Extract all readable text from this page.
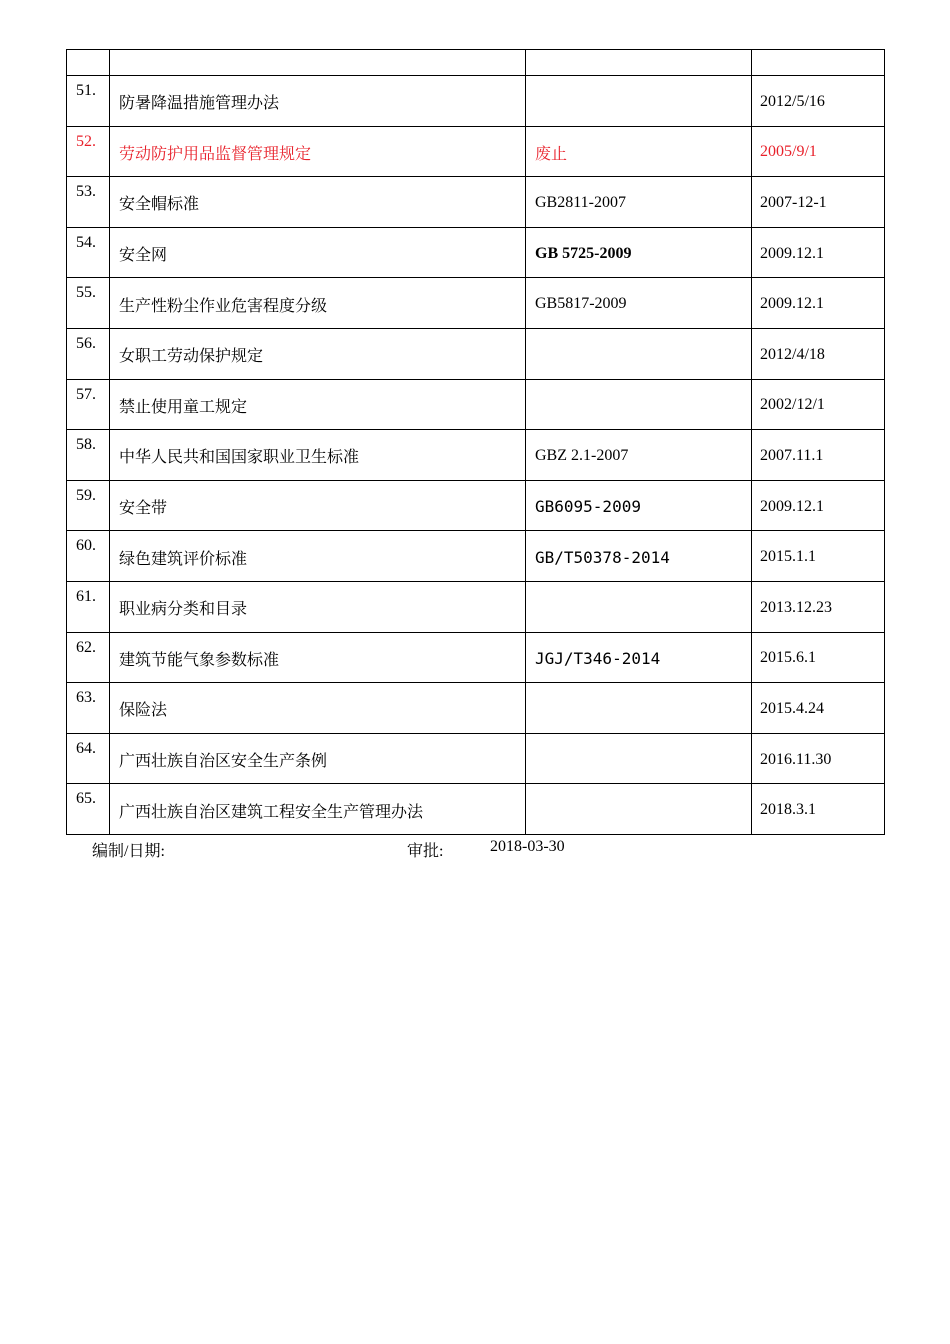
51.	防暑降温措施管理办法		2012/5/16
52.	劳动防护用品监督管理规定	废止	2005/9/1
53.	安全帽标准	GB2811-2007	2007-12-1
54.	安全网	GB 5725-2009	2009.12.1
55.	生产性粉尘作业危害程度分级	GB5817-2009	2009.12.1
56.	女职工劳动保护规定		2012/4/18
57.	禁止使用童工规定		2002/12/1
58.	中华人民共和国国家职业卫生标准	GBZ 2.1-2007	2007.11.1
59.	安全带	GB6095-2009	2009.12.1
60.	绿色建筑评价标准	GB/T50378-2014	2015.1.1
61.	职业病分类和目录		2013.12.23
62.	建筑节能气象参数标准	JGJ/T346-2014	2015.6.1
63.	保险法		2015.4.24
64.	广西壮族自治区安全生产条例		2016.11.30
65.	广西壮族自治区建筑工程安全生产管理办法		2018.3.1
编制/日期:	审批:	2018-03-30
